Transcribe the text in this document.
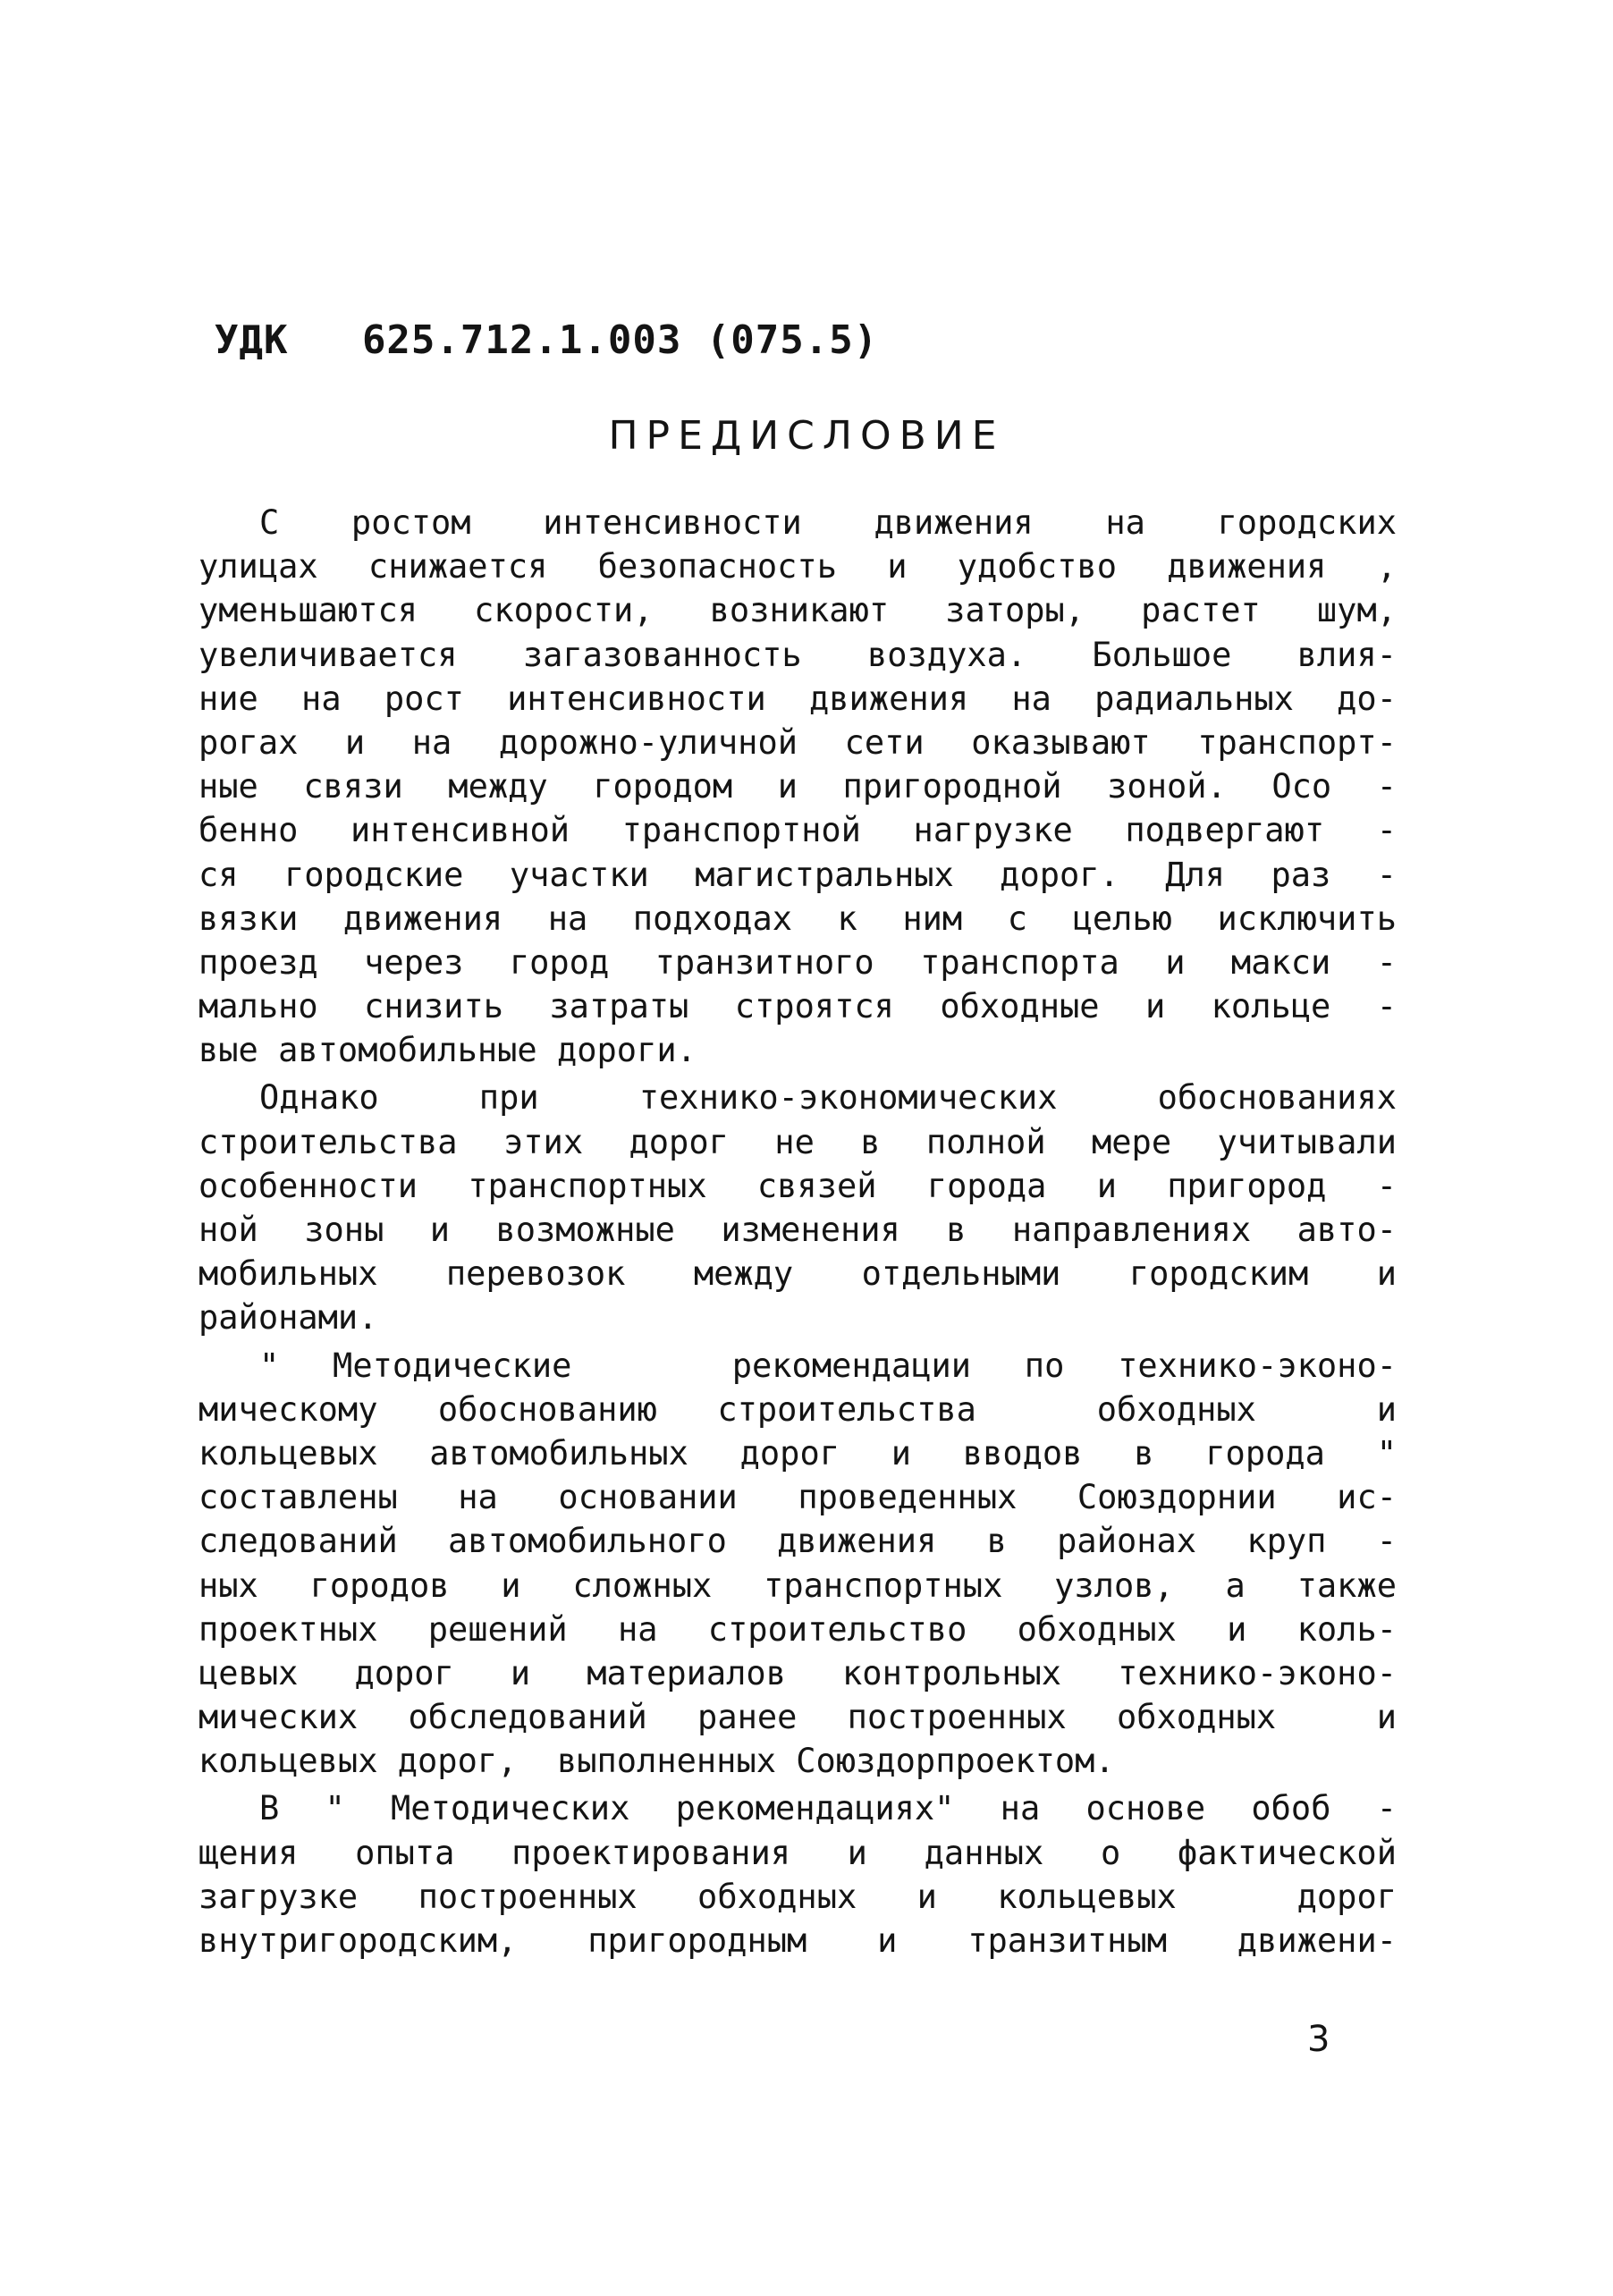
УДК   625.712.1.003 (075.5)
ПРЕДИСЛОВИЕ
С ростом интенсивности движения на городских
улицах снижается безопасность и удобство движения ,
уменьшаются скорости, возникают заторы, растет шум,
увеличивается загазованность воздуха. Большое влия-
ние на рост интенсивности движения на радиальных до-
рогах и на дорожно-уличной сети оказывают транспорт-
ные связи между городом и пригородной зоной. Осо -
бенно интенсивной транспортной нагрузке подвергают -
ся городские участки магистральных дорог. Для раз -
вязки движения на подходах к ним с целью исключить
проезд через город транзитного транспорта и макси -
мально снизить затраты строятся обходные и кольце -
вые автомобильные дороги.
Однако при технико-экономических обоснованиях
строительства этих дорог не в полной мере учитывали
особенности транспортных связей города и пригород -
ной зоны и возможные изменения в направлениях авто-
мобильных перевозок между отдельными городским и
районами.
" Методические   рекомендации по технико-эконо-
мическому обоснованию строительства  обходных  и
кольцевых автомобильных дорог и вводов в города "
составлены на основании проведенных Союздорнии ис-
следований автомобильного движения в районах круп -
ных городов и сложных транспортных узлов, а также
проектных решений на строительство обходных и коль-
цевых дорог и материалов контрольных технико-эконо-
мических обследований ранее построенных обходных  и
кольцевых дорог,  выполненных Союздорпроектом.
В " Методических рекомендациях" на основе обоб -
щения опыта проектирования и данных о фактической
загрузке построенных обходных и кольцевых  дорог
внутригородским, пригородным и транзитным движени-
3
